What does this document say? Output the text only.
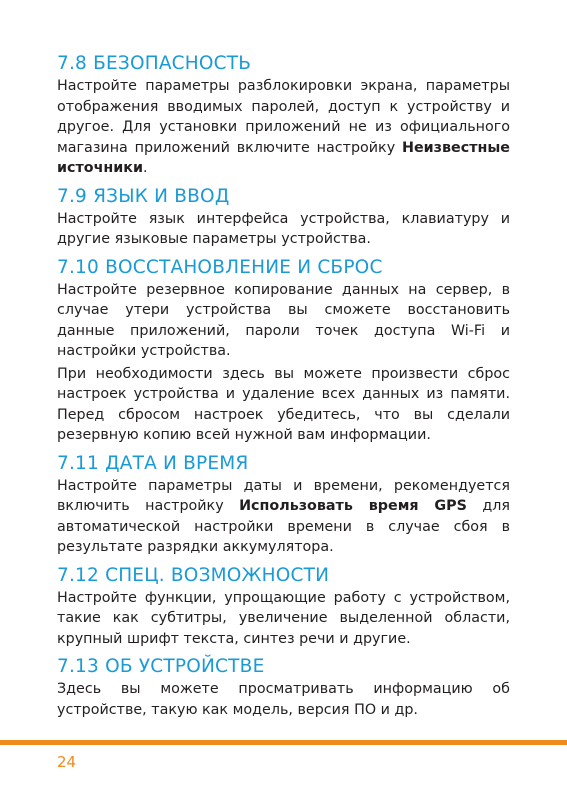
7.8 БЕЗОПАСНОСТЬ

Настройте параметры разблокировки экрана, параметры отображения вводимых паролей, доступ к устройству и другое. Для установки приложений не из официального магазина приложений включите настройку Неизвестные источники.

7.9 ЯЗЫК И ВВОД

Настройте язык интерфейса устройства, клавиатуру и другие языковые параметры устройства.

7.10 ВОССТАНОВЛЕНИЕ И СБРОС

Настройте резервное копирование данных на сервер, в случае утери устройства вы сможете восстановить данные приложений, пароли точек доступа Wi-Fi и настройки устройства.

При необходимости здесь вы можете произвести сброс настроек устройства и удаление всех данных из памяти. Перед сбросом настроек убедитесь, что вы сделали резервную копию всей нужной вам информации.

7.11 ДАТА И ВРЕМЯ

Настройте параметры даты и времени, рекомендуется включить настройку Использовать время GPS для автоматической настройки времени в случае сбоя в результате разрядки аккумулятора.

7.12 СПЕЦ. ВОЗМОЖНОСТИ

Настройте функции, упрощающие работу с устройством, такие как субтитры, увеличение выделенной области, крупный шрифт текста, синтез речи и другие.

7.13 ОБ УСТРОЙСТВЕ

Здесь вы можете просматривать информацию об устройстве, такую как модель, версия ПО и др.

24
